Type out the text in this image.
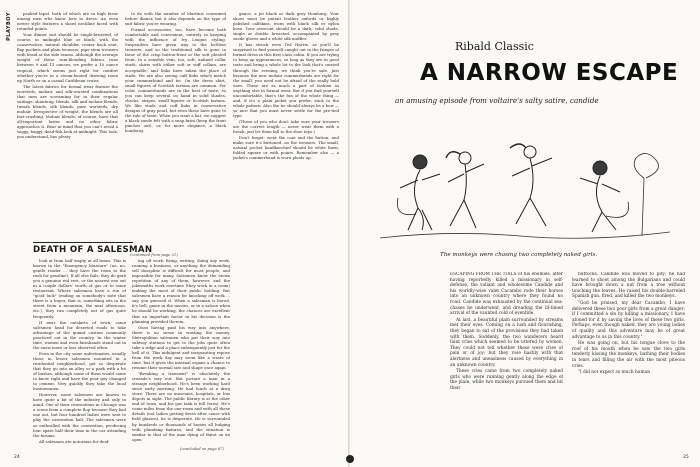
PLAYBOY	peaked lapel, both of which are in high favor among men who know how to dress. An even newer style features a shawl neckline faced with rounded points.

Your dinner suit should be single-breasted, of course, in midnight blue or black, with the conservative, natural shoulder, center back vent, flap pockets and plain trousers; pipe-stem trousers with braid at the side seams. Although the average weight of these rum-blending fabrics runs between 9 and 11 ounces, we prefer a 10 ounce tropical, which seems just right for comfort whether you're in a steam-heated drawing room up North or on a casual Caribbean cruise.

The latest fabrics for formal wear feature the worsteds, mohair, and silk-worsted combinations that men are screaming for in their regular suitings: shantung, blends, silk and mohair blends, tussah blends, silk blends, pure worsteds, dry mohair. Irrespective of weight, the blends are all fast-crushing. Mohair blends, of course, have that all-important luster and no other fabric approaches it. Bear in mind that you can't avoid a saggy, baggy, dead-fish look at midnight. This look, you understand, has plenty

to do with the number of Martinis consumed before dinner, but it also depends on the type of suit fabric you're wearing.

Formal accessories, too, have become both comfortable and convenient, entirely in keeping with the influence of Ivy League styling. Suspenders have given way to the beltless trousers, and so the traditional silk is gone in favor of the crisp button-front or the soft pleated front. In a sensible vein, too, soft, unlined collar studs, shirts with either soft or stiff collars, are acceptable, and links have taken the place of studs. We are also seeing cuff links which match your cummerbund and tie. On the dress shirt, small figures of Scottish tartans are common. For color, cummerbunds are in the best of taste, so you can keep several on hand in solid shades, checks, stripes, small figures or Scottish tartans. We like studs and cuff links in conservative designs of gray pearl, but even these have gone to the rule of taste. When you want a hat, we suggest a black suede felt with a snap brim (keep the front pinches out), or, for more elegance, a black homburg.

gance, a jet black or dark grey Homburg. Your shoes must be patent leather oxfords or highly polished calfskins, worn with black silk or nylon hose. Your overcoat should be a dark, solid shade, single or double breasted, accompanied by grey suede gloves and a white silk muffler.

It has struck even Ted Harris, as you'll be surprised to find yourself caught out in the fringes of formal dress in this first class cabin. If you are trying to keep up appearances, so long as they are in good taste and bring a whole lot to the look that's carried through the evening, we think you're safe. Just because the new mohair cummerbunds are right for the small, you need not be afraid of the really bold ones. These are as much a part of fashion as anything else in formal wear. But if you find yourself uncomfortable, that's the fun of the whole thing — and, if it's a plain jacket you prefer, stick to the whole pattern. Also the tie should always be a bow — so nice that you must never settle for the pre-tied type.

(Those of you who don't take sure your trousers are the correct length — never wear them with a break, just let them fall to the shoe tops.)

Don't forget: wear the coat and the button, and make sure it's buttoned, on the trousers. The small, natural pocket handkerchief should be white linen, folded square or with points. Remember also — a jacket's cummerbund is worn pleats up.

DEATH OF A SALESMAN
(continued from page 21)

look at from half empty at all times. This is known in the "Emergency Measure" (no, no, gentle reader ... they have the room to the rush for gasoline). If all else fails, they do grab you a genuine red vest, or the nearest one out in a couple dollars' worth of gas or to some restaurant. Where salesmen have a run of "good luck" (ending on somebody's note that there is a buyer, that is, something sits in the street from a mountain, the next afternoon, etc.), they run completely out of gas quite frequently.

If near the outskirts of town, some salesmen head for deserted roads to take advantage of the quaint custom commonly practiced out in the country. In the winter time, women and even farmhands stand out in the snow more or less observed often.

Even in the city some unfortunates, usually those in lesser salesmen mounted in a residential neighborhood, get so desperate that they go into an alley or a park with a lot of bushes, although some of them would come to know right and have the poor guy changed to cement. Very quickly they take the local businessmen.

However, some salesmen are known to have quite a bit of the industry and only in mind. One of their conventions in Chicago was a scene from a complete flop because they had one out, but four hundred ladies were sent to play the convention hall. The salesmen were so enthralled with the convention, producing four spare half their time in the car attending the forums.

All salesmen are notorious for deaf-

ing off work, firing, writing, doing any work, running a business, or anything the demanding sell discipline is difficult for most people, and impossible for many. Salesmen know the storm repetition of any of them, however, and the jokesmiths work overtime (they work in a room) making the most of their public holding. But salesmen have a reason for knocking off work ... say, you guessed it. When a salesman is bored, it's hell, game in the movies, or in a saloon when he should be working, the chances are excellent that an important factor in his decision is the planning provided therein.

Once having paid his way into anywhere, there is no sense in wasting the money. Metropolitan salesmen who put their way into subway stations to get to the jobs quite often take a ridge and a place subsequently just for the hell of it. This indulgent and invigorating repose from the work day may seem like a waste of time, but it gives the internal organs a chance to resume their normal size and shape once again.

"Breaking a transient" is absolutely the crusade's way out. But picture a man in a strange neighborhood. He's been working hard since early morning. He had lunch at a drug store. There are no museums, hospitals, or bus depots in sight. The public library is at the other end of town, and his gas tank is full (turn). He's come miles from the one-room and with all these details (not ladies getting dress after cause with field glasses), he is desperate. He is surrounded by hundreds or thousands of homes all bulging with plumbing fixtures, and the situation is similar to that of the man dying of thirst on an open

(concluded on page 67)
24
Ribald Classic
A NARROW ESCAPE
an amusing episode from voltaire's salty satire, candide
The monkeys were chasing two completely naked girls.

ESCAPING FROM THE TOILS of his enemies, after having reportedly killed a missionary in self-defense, the valiant and wholesome Candide and his worldly-wise valet Cacambo rode their horses into an unknown country where they found no road. Candide was exhausted by the continual sea-chases he underwent, and dreading the ill-timed arrival of the vaunted cold of eventide.

At last, a beautiful plain surrounded by streams met their eyes. Coming on a lush and flourishing, they began to eat of the provisions they had taken with them. Suddenly, the two wanderers heard faint cries which seemed to be uttered by women. They could not tell whether these were cries of pain or of joy; but they rose hastily with that alertness and uneasiness caused by everything in an unknown country.

These cries came from two completely naked girls who were running gently along the edge of the plain, while two monkeys pursued them and bit their

buttocks. Candide was moved to pity; he had learned to shoot among the Bulgarians and could have brought down a nut from a tree without touching the leaves. He raised his double-barreled Spanish gun, fired, and killed the two monkeys.

"God be praised, my dear Cacambo, I have delivered these two poor girls from a great danger; if I committed a sin by killing a missionary, I have atoned for it by saving the lives of these two girls. Perhaps, even though naked, they are young ladies of quality and this adventure may be of great advantage to us in this country."

He was going on, but his tongue clove to the roof of his mouth when he saw the two girls tenderly kissing the monkeys, bathing their bodies in tears and filling the air with the most piteous cries.

"I did not expect so much human

25
